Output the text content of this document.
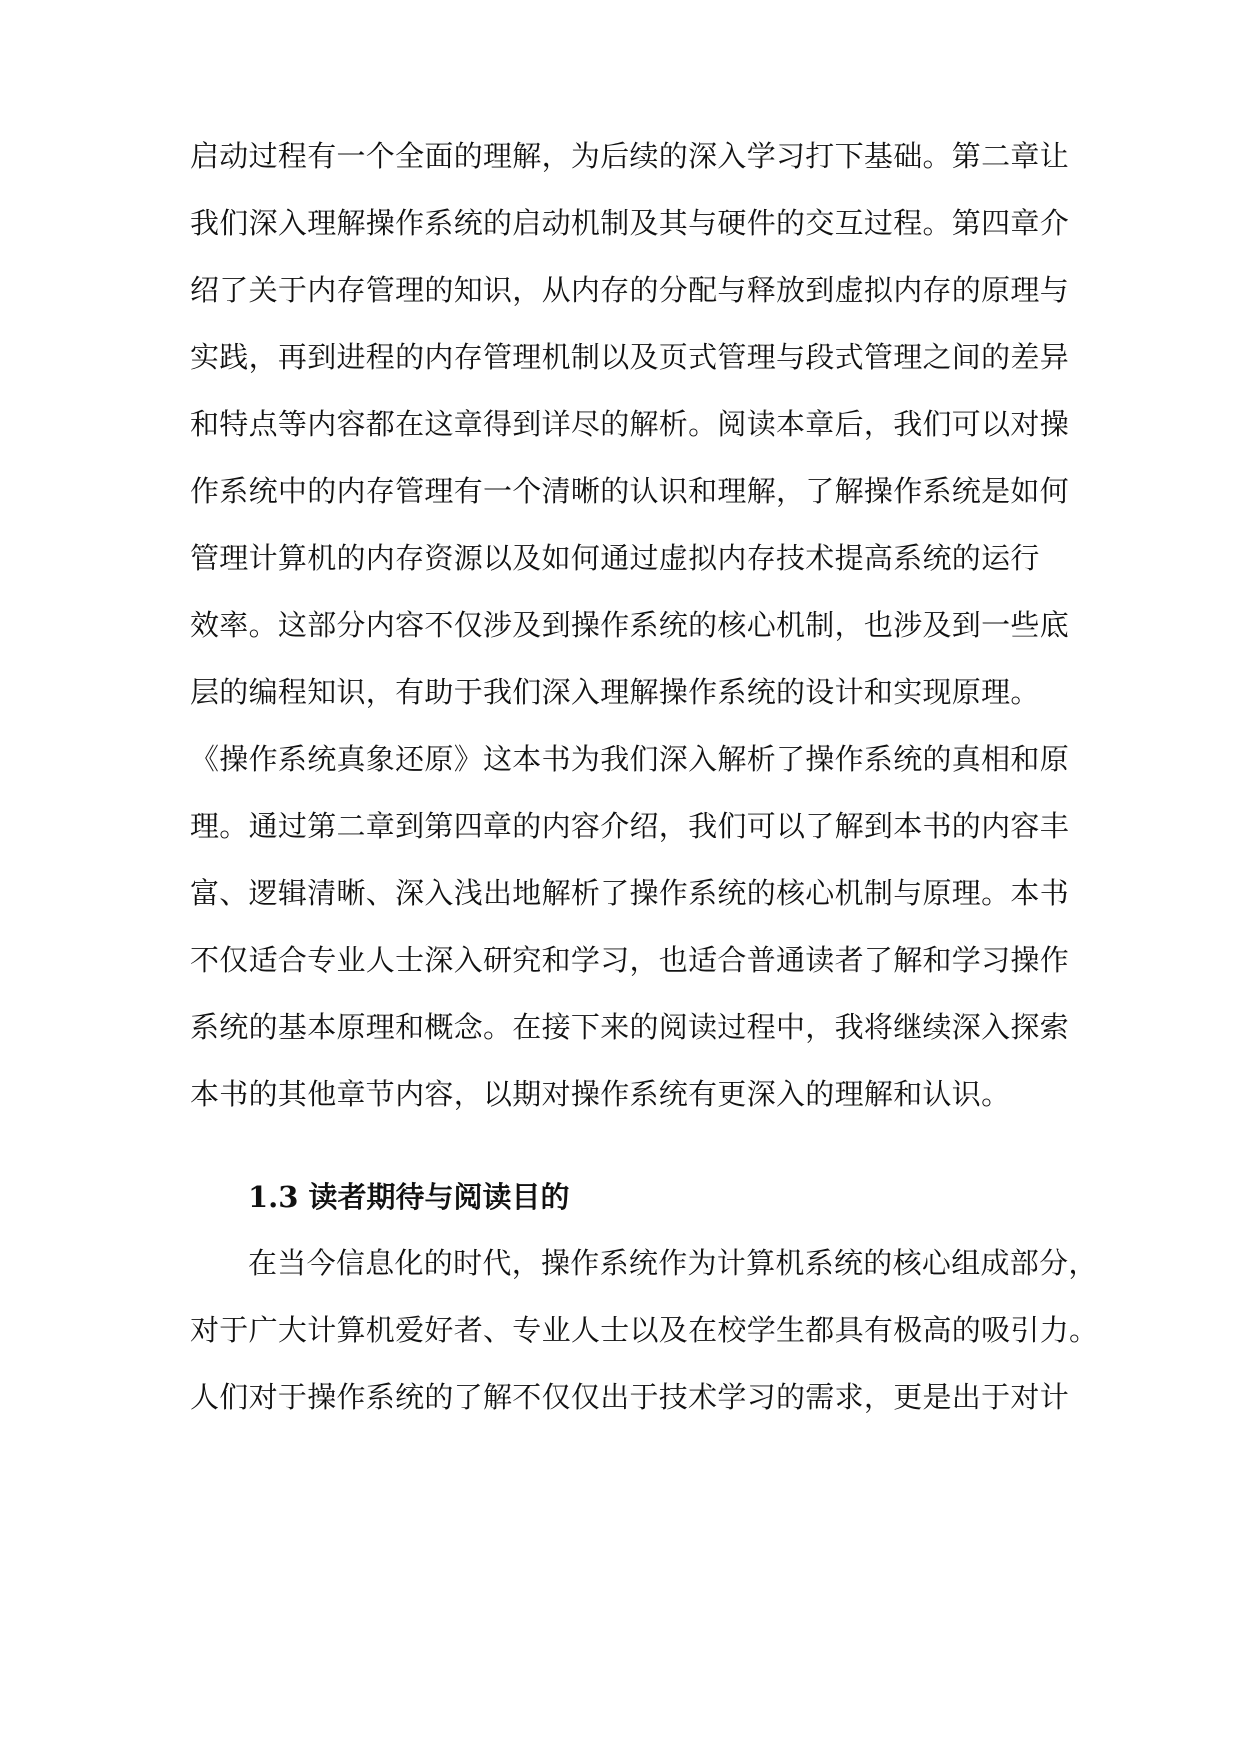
启动过程有一个全面的理解，为后续的深入学习打下基础。第二章让
我们深入理解操作系统的启动机制及其与硬件的交互过程。第四章介
绍了关于内存管理的知识，从内存的分配与释放到虚拟内存的原理与
实践，再到进程的内存管理机制以及页式管理与段式管理之间的差异
和特点等内容都在这章得到详尽的解析。阅读本章后，我们可以对操
作系统中的内存管理有一个清晰的认识和理解，了解操作系统是如何
管理计算机的内存资源以及如何通过虚拟内存技术提高系统的运行
效率。这部分内容不仅涉及到操作系统的核心机制，也涉及到一些底
层的编程知识，有助于我们深入理解操作系统的设计和实现原理。
《操作系统真象还原》这本书为我们深入解析了操作系统的真相和原
理。通过第二章到第四章的内容介绍，我们可以了解到本书的内容丰
富、逻辑清晰、深入浅出地解析了操作系统的核心机制与原理。本书
不仅适合专业人士深入研究和学习，也适合普通读者了解和学习操作
系统的基本原理和概念。在接下来的阅读过程中，我将继续深入探索
本书的其他章节内容，以期对操作系统有更深入的理解和认识。
1.3 读者期待与阅读目的
在当今信息化的时代，操作系统作为计算机系统的核心组成部分，
对于广大计算机爱好者、专业人士以及在校学生都具有极高的吸引力。
人们对于操作系统的了解不仅仅出于技术学习的需求，更是出于对计
